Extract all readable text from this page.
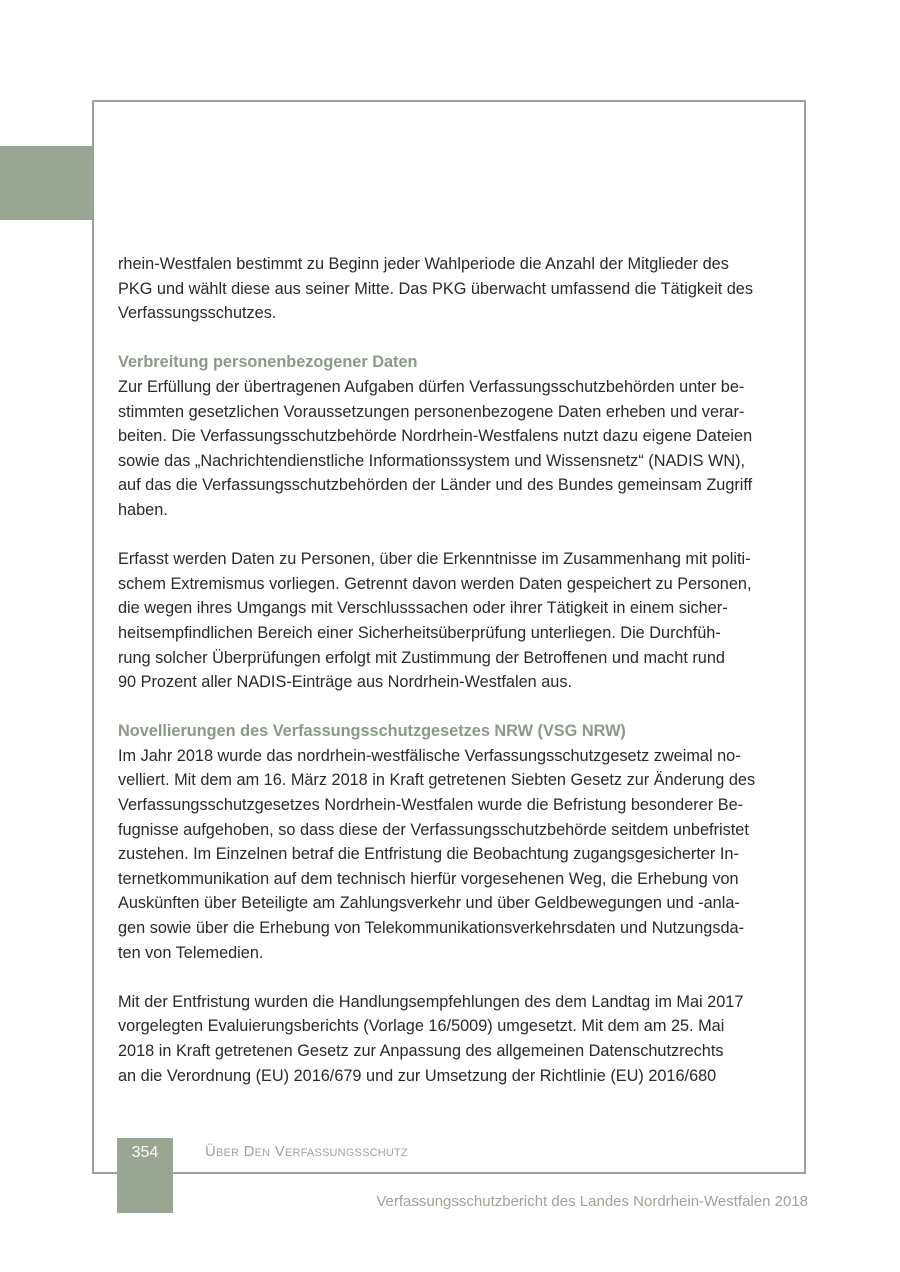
rhein-Westfalen bestimmt zu Beginn jeder Wahlperiode die Anzahl der Mitglieder des
PKG und wählt diese aus seiner Mitte. Das PKG überwacht umfassend die Tätigkeit des
Verfassungsschutzes.
Verbreitung personenbezogener Daten
Zur Erfüllung der übertragenen Aufgaben dürfen Verfassungsschutzbehörden unter be-
stimmten gesetzlichen Voraussetzungen personenbezogene Daten erheben und verar-
beiten. Die Verfassungsschutzbehörde Nordrhein-Westfalens nutzt dazu eigene Dateien
sowie das „Nachrichtendienstliche Informationssystem und Wissensnetz“ (NADIS WN),
auf das die Verfassungsschutzbehörden der Länder und des Bundes gemeinsam Zugriff
haben.
Erfasst werden Daten zu Personen, über die Erkenntnisse im Zusammenhang mit politi-
schem Extremismus vorliegen. Getrennt davon werden Daten gespeichert zu Personen,
die wegen ihres Umgangs mit Verschlusssachen oder ihrer Tätigkeit in einem sicher-
heitsempfindlichen Bereich einer Sicherheitsüberprüfung unterliegen. Die Durchfüh-
rung solcher Überprüfungen erfolgt mit Zustimmung der Betroffenen und macht rund
90 Prozent aller NADIS-Einträge aus Nordrhein-Westfalen aus.
Novellierungen des Verfassungsschutzgesetzes NRW (VSG NRW)
Im Jahr 2018 wurde das nordrhein-westfälische Verfassungsschutzgesetz zweimal no-
velliert. Mit dem am 16. März 2018 in Kraft getretenen Siebten Gesetz zur Änderung des
Verfassungsschutzgesetzes Nordrhein-Westfalen wurde die Befristung besonderer Be-
fugnisse aufgehoben, so dass diese der Verfassungsschutzbehörde seitdem unbefristet
zustehen. Im Einzelnen betraf die Entfristung die Beobachtung zugangsgesicherter In-
ternetkommunikation auf dem technisch hierfür vorgesehenen Weg, die Erhebung von
Auskünften über Beteiligte am Zahlungsverkehr und über Geldbewegungen und -anla-
gen sowie über die Erhebung von Telekommunikationsverkehrsdaten und Nutzungsda-
ten von Telemedien.
Mit der Entfristung wurden die Handlungsempfehlungen des dem Landtag im Mai 2017
vorgelegten Evaluierungsberichts (Vorlage 16/5009) umgesetzt. Mit dem am 25. Mai
2018 in Kraft getretenen Gesetz zur Anpassung des allgemeinen Datenschutzrechts
an die Verordnung (EU) 2016/679 und zur Umsetzung der Richtlinie (EU) 2016/680
354	Über Den Verfassungsschutz
Verfassungsschutzbericht des Landes Nordrhein-Westfalen 2018
